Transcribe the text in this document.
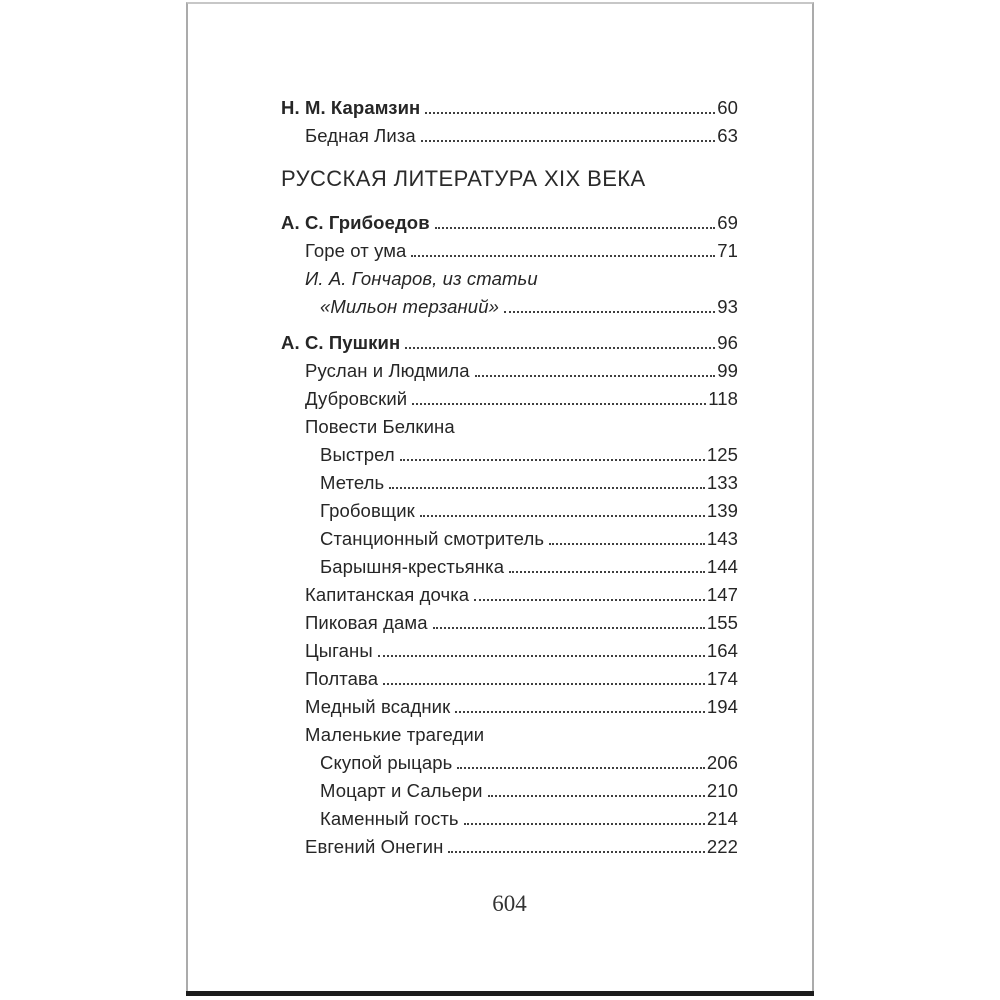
Н. М. Карамзин	60
Бедная Лиза	63
РУССКАЯ ЛИТЕРАТУРА XIX ВЕКА
А. С. Грибоедов	69
Горе от ума	71
И. А. Гончаров, из статьи
«Мильон терзаний»	93
А. С. Пушкин	96
Руслан и Людмила	99
Дубровский	118
Повести Белкина
Выстрел	125
Метель	133
Гробовщик	139
Станционный смотритель	143
Барышня-крестьянка	144
Капитанская дочка	147
Пиковая дама	155
Цыганы	164
Полтава	174
Медный всадник	194
Маленькие трагедии
Скупой рыцарь	206
Моцарт и Сальери	210
Каменный гость	214
Евгений Онегин	222
604
